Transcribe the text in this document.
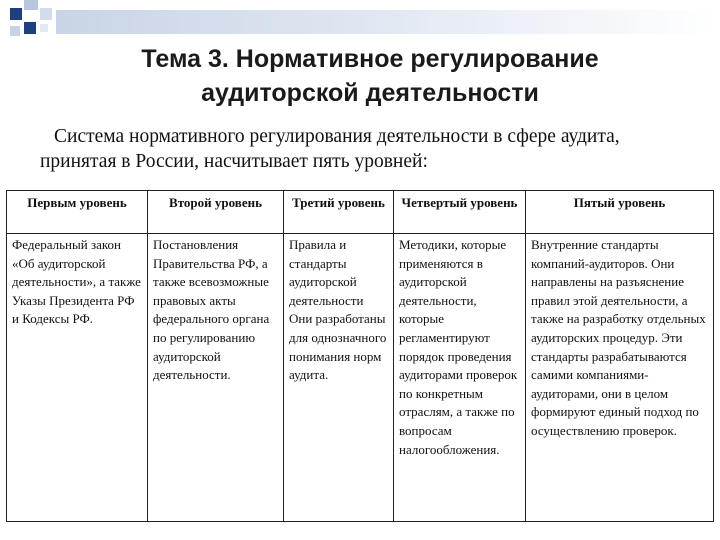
Тема 3. Нормативное регулирование аудиторской деятельности

Система нормативного регулирования деятельности в сфере аудита, принятая в России, насчитывает пять уровней:

Первым уровень	Второй уровень	Третий уровень	Четвертый уровень	Пятый уровень
Федеральный закон «Об аудиторской деятельности», а также Указы Президента РФ и Кодексы РФ.	Постановления Правительства РФ, а также всевозможные правовых акты федерального органа по регулированию аудиторской деятельности.	Правила и стандарты аудиторской деятельности Они разработаны для однозначного понимания норм аудита.	Методики, которые применяются в аудиторской деятельности, которые регламентируют порядок проведения аудиторами проверок по конкретным отраслям, а также по вопросам налогообложения.	Внутренние стандарты компаний-аудиторов. Они направлены на разъяснение правил этой деятельности, а также на разработку отдельных аудиторских процедур. Эти стандарты разрабатываются самими компаниями-аудиторами, они в целом формируют единый подход по осуществлению проверок.
